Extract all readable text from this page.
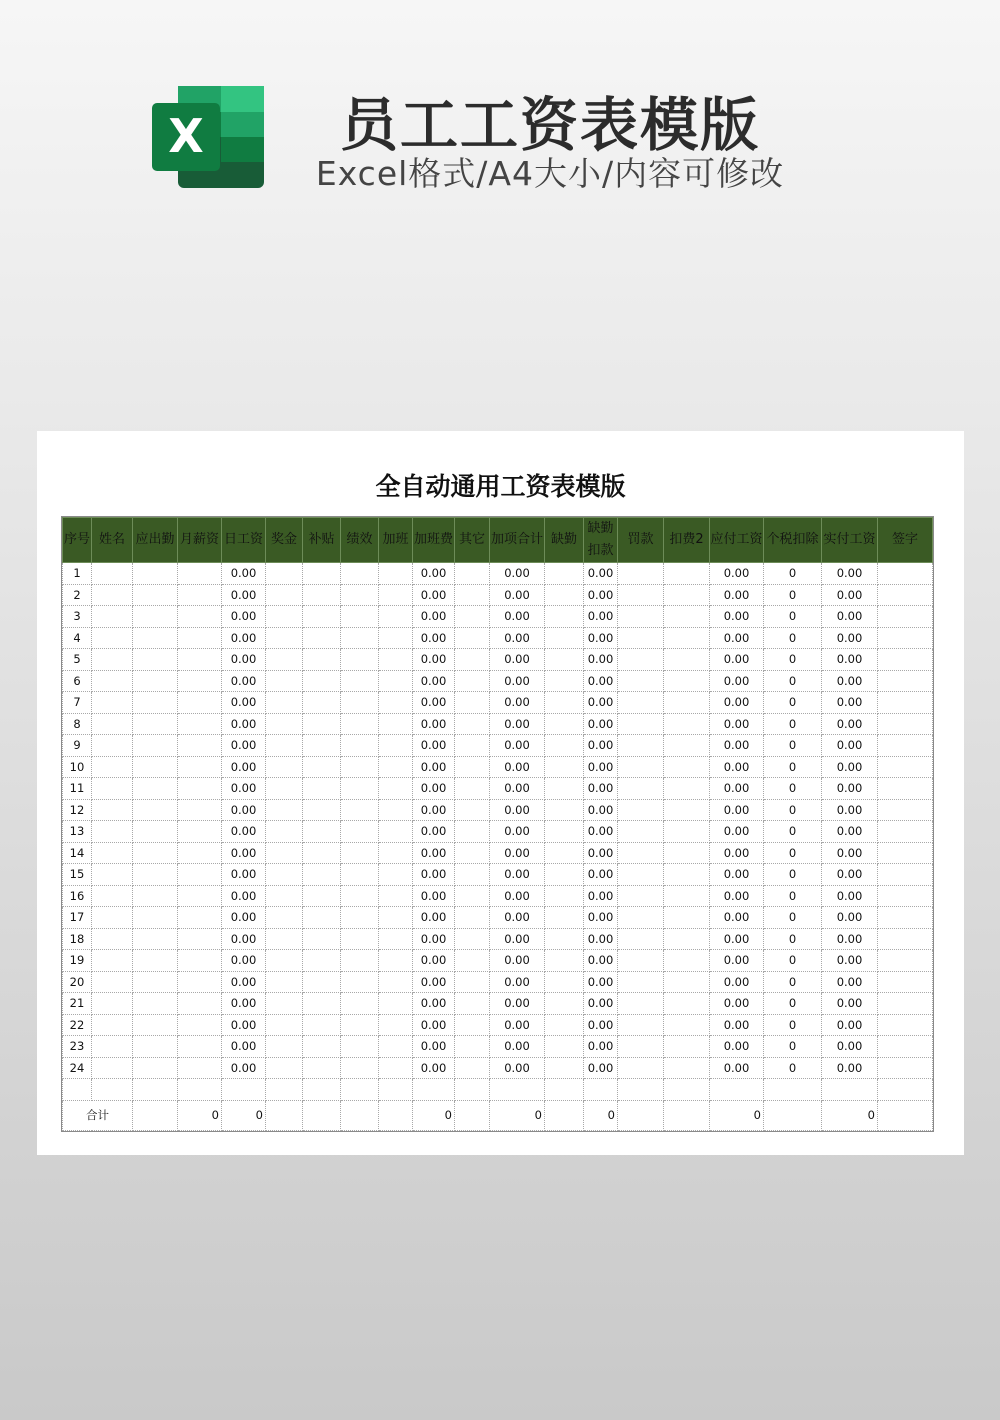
X	员工工资表模版
Excel格式/A4大小/内容可修改
全自动通用工资表模版
序号	姓名	应出勤	月薪资	日工资	奖金	补贴	绩效	加班	加班费	其它	加项合计	缺勤	缺勤扣款	罚款	扣费2	应付工资	个税扣除	实付工资	签字
1				0.00					0.00		0.00		0.00			0.00	0	0.00	
2				0.00					0.00		0.00		0.00			0.00	0	0.00	
3				0.00					0.00		0.00		0.00			0.00	0	0.00	
4				0.00					0.00		0.00		0.00			0.00	0	0.00	
5				0.00					0.00		0.00		0.00			0.00	0	0.00	
6				0.00					0.00		0.00		0.00			0.00	0	0.00	
7				0.00					0.00		0.00		0.00			0.00	0	0.00	
8				0.00					0.00		0.00		0.00			0.00	0	0.00	
9				0.00					0.00		0.00		0.00			0.00	0	0.00	
10				0.00					0.00		0.00		0.00			0.00	0	0.00	
11				0.00					0.00		0.00		0.00			0.00	0	0.00	
12				0.00					0.00		0.00		0.00			0.00	0	0.00	
13				0.00					0.00		0.00		0.00			0.00	0	0.00	
14				0.00					0.00		0.00		0.00			0.00	0	0.00	
15				0.00					0.00		0.00		0.00			0.00	0	0.00	
16				0.00					0.00		0.00		0.00			0.00	0	0.00	
17				0.00					0.00		0.00		0.00			0.00	0	0.00	
18				0.00					0.00		0.00		0.00			0.00	0	0.00	
19				0.00					0.00		0.00		0.00			0.00	0	0.00	
20				0.00					0.00		0.00		0.00			0.00	0	0.00	
21				0.00					0.00		0.00		0.00			0.00	0	0.00	
22				0.00					0.00		0.00		0.00			0.00	0	0.00	
23				0.00					0.00		0.00		0.00			0.00	0	0.00	
24				0.00					0.00		0.00		0.00			0.00	0	0.00	

合计			0	0					0		0		0			0		0	
